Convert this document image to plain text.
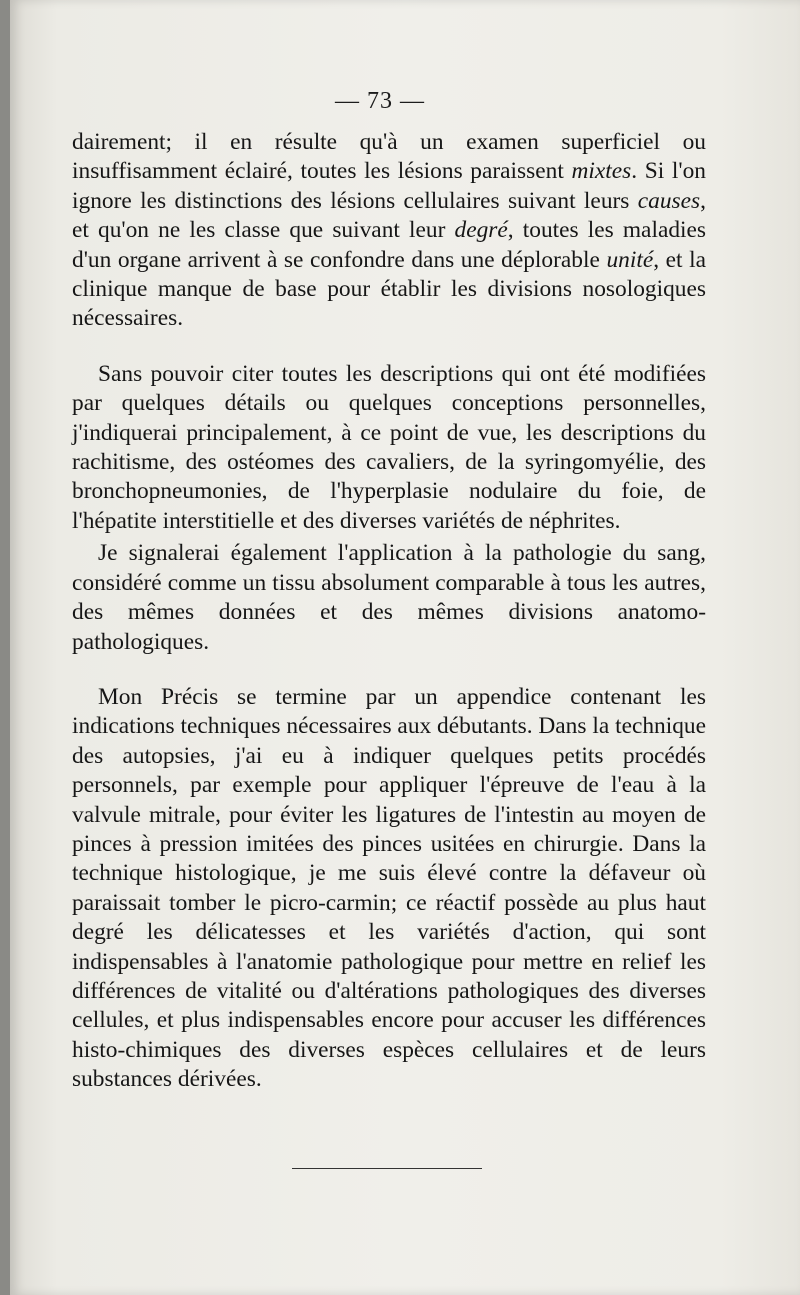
— 73 —

dairement; il en résulte qu'à un examen superficiel ou insuffisamment éclairé, toutes les lésions paraissent mixtes. Si l'on ignore les distinctions des lésions cellulaires suivant leurs causes, et qu'on ne les classe que suivant leur degré, toutes les maladies d'un organe arrivent à se confondre dans une déplorable unité, et la clinique manque de base pour établir les divisions nosologiques nécessaires.

Sans pouvoir citer toutes les descriptions qui ont été modifiées par quelques détails ou quelques conceptions personnelles, j'indiquerai principalement, à ce point de vue, les descriptions du rachitisme, des ostéomes des cavaliers, de la syringomyélie, des bronchopneumonies, de l'hyperplasie nodulaire du foie, de l'hépatite interstitielle et des diverses variétés de néphrites.

Je signalerai également l'application à la pathologie du sang, considéré comme un tissu absolument comparable à tous les autres, des mêmes données et des mêmes divisions anatomo-pathologiques.

Mon Précis se termine par un appendice contenant les indications techniques nécessaires aux débutants. Dans la technique des autopsies, j'ai eu à indiquer quelques petits procédés personnels, par exemple pour appliquer l'épreuve de l'eau à la valvule mitrale, pour éviter les ligatures de l'intestin au moyen de pinces à pression imitées des pinces usitées en chirurgie. Dans la technique histologique, je me suis élevé contre la défaveur où paraissait tomber le picro-carmin; ce réactif possède au plus haut degré les délicatesses et les variétés d'action, qui sont indispensables à l'anatomie pathologique pour mettre en relief les différences de vitalité ou d'altérations pathologiques des diverses cellules, et plus indispensables encore pour accuser les différences histo-chimiques des diverses espèces cellulaires et de leurs substances dérivées.
